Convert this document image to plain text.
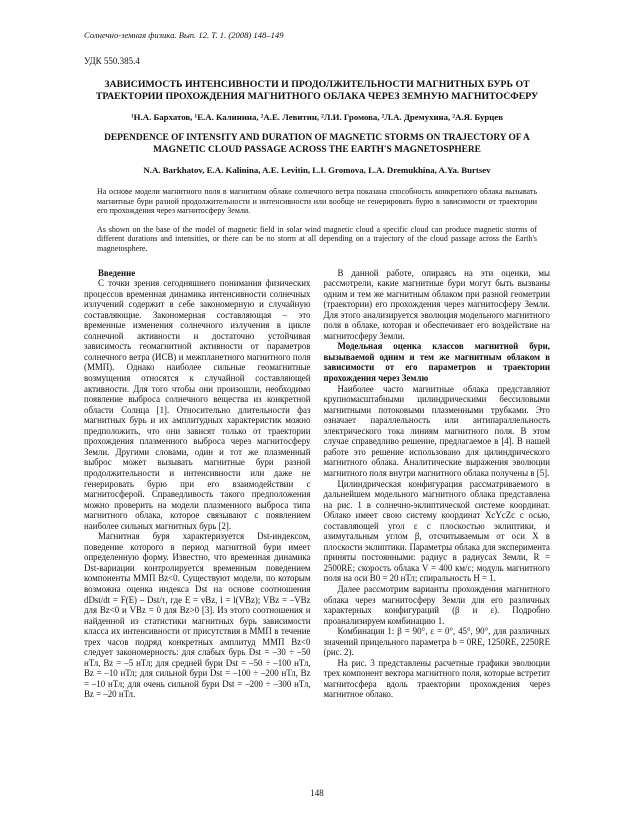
Солнечно-земная физика. Вып. 12. Т. 1. (2008) 148–149
УДК 550.385.4
ЗАВИСИМОСТЬ ИНТЕНСИВНОСТИ И ПРОДОЛЖИТЕЛЬНОСТИ МАГНИТНЫХ БУРЬ ОТ ТРАЕКТОРИИ ПРОХОЖДЕНИЯ МАГНИТНОГО ОБЛАКА ЧЕРЕЗ ЗЕМНУЮ МАГНИТОСФЕРУ
¹Н.А. Бархатов, ¹Е.А. Калинина, ²А.Е. Левитин, ²Л.И. Громова, ²Л.А. Дремухина, ²А.Я. Бурцев
DEPENDENCE OF INTENSITY AND DURATION OF MAGNETIC STORMS ON TRAJECTORY OF A MAGNETIC CLOUD PASSAGE ACROSS THE EARTH'S MAGNETOSPHERE
N.A. Barkhatov, E.A. Kalinina, A.E. Levitin, L.I. Gromova, L.A. Dremukhina, A.Ya. Burtsev
На основе модели магнитного поля в магнитном облаке солнечного ветра показана способность конкретного облака вызывать магнитные бури разной продолжительности и интенсивности или вообще не генерировать бурю в зависимости от траектории его прохождения через магнитосферу Земли.
As shown on the base of the model of magnetic field in solar wind magnetic cloud a specific cloud can produce magnetic storms of different durations and intensities, or there can be no storm at all depending on a trajectory of the cloud passage across the Earth's magnetosphere.

Введение

С точки зрения сегодняшнего понимания физических процессов временная динамика интенсивности солнечных излучений содержит в себе закономерную и случайную составляющие. Закономерная составляющая – это временные изменения солнечного излучения в цикле солнечной активности и достаточно устойчивая зависимость геомагнитной активности от параметров солнечного ветра (ИСВ) и межпланетного магнитного поля (ММП). Однако наиболее сильные геомагнитные возмущения относятся к случайной составляющей активности. Для того чтобы они произошли, необходимо появление выброса солнечного вещества из конкретной области Солнца [1]. Относительно длительности фаз магнитных бурь и их амплитудных характеристик можно предположить, что они зависят только от траектории прохождения плазменного выброса через магнитосферу Земли. Другими словами, один и тот же плазменный выброс может вызывать магнитные бури разной продолжительности и интенсивности или даже не генерировать бурю при его взаимодействии с магнитосферой. Справедливость такого предположения можно проверить на модели плазменного выброса типа магнитного облака, которое связывают с появлением наиболее сильных магнитных бурь [2].

Магнитная буря характеризуется Dst-индексом, поведение которого в период магнитной бури имеет определенную форму. Известно, что временная динамика Dst-вариации контролируется временным поведением компоненты ММП Bz<0. Существуют модели, по которым возможна оценка индекса Dst на основе соотношения dDst/dt = F(E) – Dst/τ, где E = vBz, l = l(VBz); VBz = –VBz для Bz<0 и VBz = 0 для Bz>0 [3]. Из этого соотношения и найденной из статистики магнитных бурь зависимости класса их интенсивности от присутствия в ММП в течение трех часов подряд конкретных амплитуд ММП Bz<0 следует закономерность: для слабых бурь Dst = –30 ÷ –50 нТл, Bz = –5 нТл; для средней бури Dst = –50 ÷ –100 нТл, Bz = –10 нТл; для сильной бури Dst = –100 ÷ –200 нТл, Bz = –10 нТл; для очень сильной бури Dst = –200 ÷ –300 нТл, Bz = –20 нТл.

В данной работе, опираясь на эти оценки, мы рассмотрели, какие магнитные бури могут быть вызваны одним и тем же магнитным облаком при разной геометрии (траектории) его прохождения через магнитосферу Земли. Для этого анализируется эволюция модельного магнитного поля в облаке, которая и обеспечивает его воздействие на магнитосферу Земли.

Модельная оценка классов магнитной бури, вызываемой одним и тем же магнитным облаком в зависимости от его параметров и траектории прохождения через Землю

Наиболее часто магнитные облака представляют крупномасштабными цилиндрическими бессиловыми магнитными потоковыми плазменными трубками. Это означает параллельность или антипараллельность электрического тока линиям магнитного поля. В этом случае справедливо решение, предлагаемое в [4]. В нашей работе это решение использовано для цилиндрического магнитного облака. Аналитические выражения эволюции магнитного поля внутри магнитного облака получены в [5].

Цилиндрическая конфигурация рассматриваемого в дальнейшем модельного магнитного облака представлена на рис. 1 в солнечно-эклиптической системе координат. Облако имеет свою систему координат XcYcZc с осью, составляющей угол ε с плоскостью эклиптики, и азимутальным углом β, отсчитываемым от оси X в плоскости эклиптики. Параметры облака для эксперимента приняты постоянными: радиус в радиусах Земли, R = 2500RE; скорость облака V = 400 км/с; модуль магнитного поля на оси B0 = 20 нТл; спиральность H = 1.

Далее рассмотрим варианты прохождения магнитного облака через магнитосферу Земли для его различных характерных конфигураций (β и ε). Подробно проанализируем комбинацию 1.

Комбинация 1: β = 90°, ε = 0°, 45°, 90°, для различных значений прицельного параметра b = 0RE, 1250RE, 2250RE (рис. 2).

На рис. 3 представлены расчетные графики эволюции трех компонент вектора магнитного поля, которые встретит магнитосфера вдоль траектории прохождения через магнитное облако.

148
